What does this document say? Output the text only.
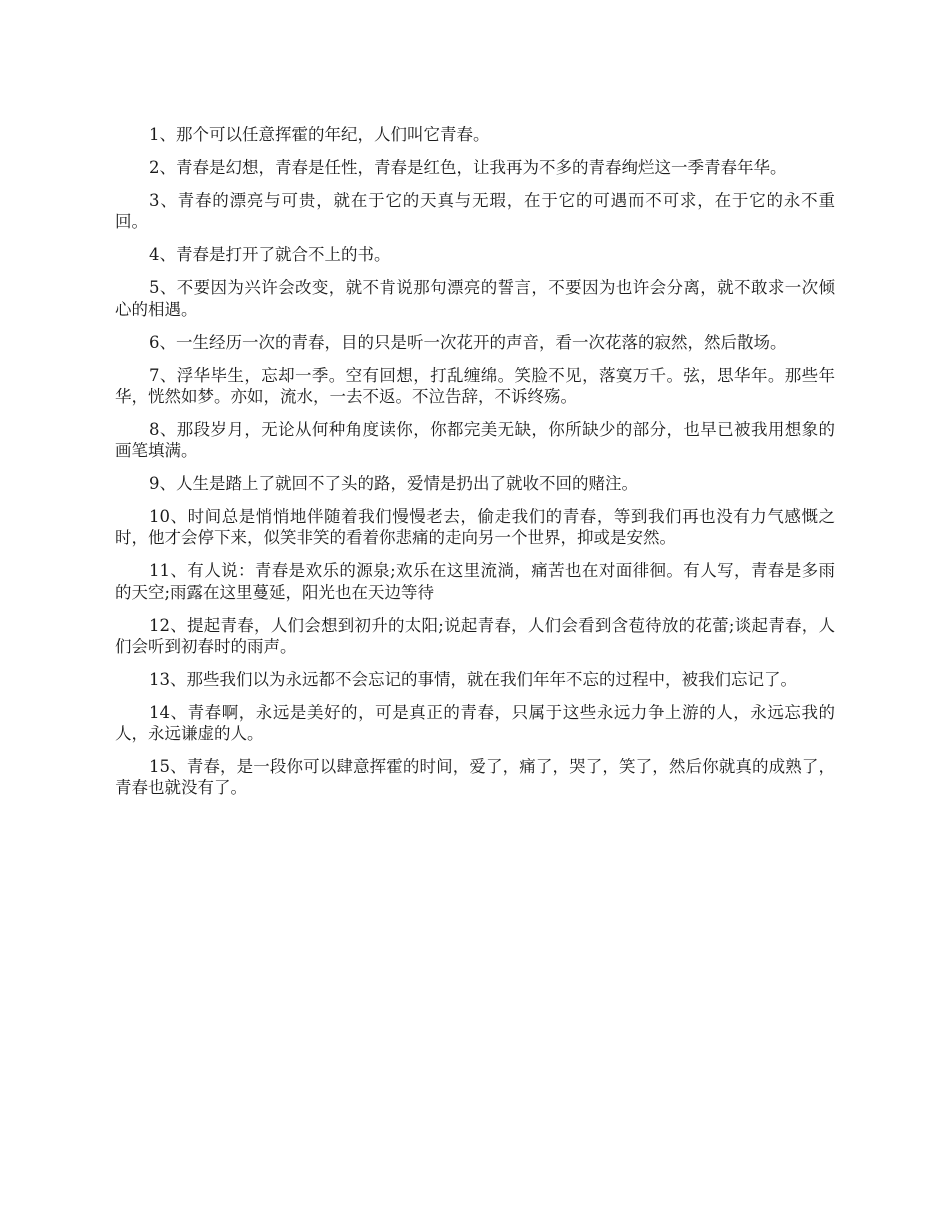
1、那个可以任意挥霍的年纪，人们叫它青春。

2、青春是幻想，青春是任性，青春是红色，让我再为不多的青春绚烂这一季青春年华。

3、青春的漂亮与可贵，就在于它的天真与无瑕，在于它的可遇而不可求，在于它的永不重回。

4、青春是打开了就合不上的书。

5、不要因为兴许会改变，就不肯说那句漂亮的誓言，不要因为也许会分离，就不敢求一次倾心的相遇。

6、一生经历一次的青春，目的只是听一次花开的声音，看一次花落的寂然，然后散场。

7、浮华毕生，忘却一季。空有回想，打乱缠绵。笑脸不见，落寞万千。弦，思华年。那些年华，恍然如梦。亦如，流水，一去不返。不泣告辞，不诉终殇。

8、那段岁月，无论从何种角度读你，你都完美无缺，你所缺少的部分，也早已被我用想象的画笔填满。

9、人生是踏上了就回不了头的路，爱情是扔出了就收不回的赌注。

10、时间总是悄悄地伴随着我们慢慢老去，偷走我们的青春，等到我们再也没有力气感慨之时，他才会停下来，似笑非笑的看着你悲痛的走向另一个世界，抑或是安然。

11、有人说：青春是欢乐的源泉;欢乐在这里流淌，痛苦也在对面徘徊。有人写，青春是多雨的天空;雨露在这里蔓延，阳光也在天边等待

12、提起青春，人们会想到初升的太阳;说起青春，人们会看到含苞待放的花蕾;谈起青春，人们会听到初春时的雨声。

13、那些我们以为永远都不会忘记的事情，就在我们年年不忘的过程中，被我们忘记了。

14、青春啊，永远是美好的，可是真正的青春，只属于这些永远力争上游的人，永远忘我的人，永远谦虚的人。

15、青春，是一段你可以肆意挥霍的时间，爱了，痛了，哭了，笑了，然后你就真的成熟了，青春也就没有了。
